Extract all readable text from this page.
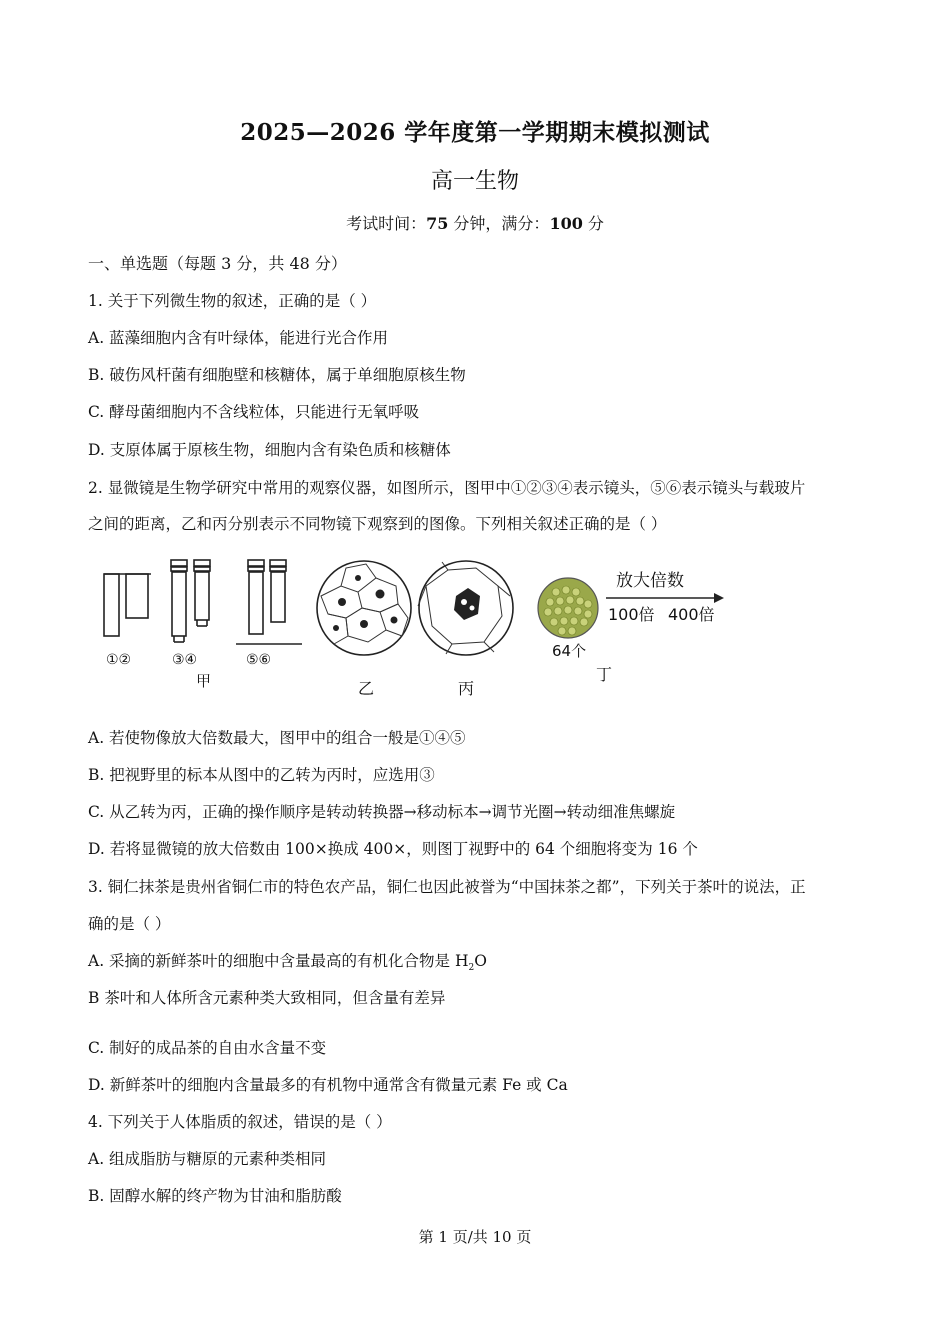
2025—2026 学年度第一学期期末模拟测试
高一生物
考试时间：75 分钟，满分：100 分
一、单选题（每题 3 分，共 48 分）
1. 关于下列微生物的叙述，正确的是（ ）
A. 蓝藻细胞内含有叶绿体，能进行光合作用
B. 破伤风杆菌有细胞壁和核糖体，属于单细胞原核生物
C. 酵母菌细胞内不含线粒体，只能进行无氧呼吸
D. 支原体属于原核生物，细胞内含有染色质和核糖体
2. 显微镜是生物学研究中常用的观察仪器，如图所示，图甲中①②③④表示镜头，⑤⑥表示镜头与载玻片
之间的距离，乙和丙分别表示不同物镜下观察到的图像。下列相关叙述正确的是（ ）
乙	丙
64个
丁
放大倍数
100倍 400倍
①②	③④	⑤⑥
甲
A. 若使物像放大倍数最大，图甲中的组合一般是①④⑤
B. 把视野里的标本从图中的乙转为丙时，应选用③
C. 从乙转为丙，正确的操作顺序是转动转换器→移动标本→调节光圈→转动细准焦螺旋
D. 若将显微镜的放大倍数由 100×换成 400×，则图丁视野中的 64 个细胞将变为 16 个
3. 铜仁抹茶是贵州省铜仁市的特色农产品，铜仁也因此被誉为“中国抹茶之都”，下列关于茶叶的说法，正
确的是（ ）
A. 采摘的新鲜茶叶的细胞中含量最高的有机化合物是 $H_2O$
B 茶叶和人体所含元素种类大致相同，但含量有差异
C. 制好的成品茶的自由水含量不变
D. 新鲜茶叶的细胞内含量最多的有机物中通常含有微量元素 Fe 或 Ca
4. 下列关于人体脂质的叙述，错误的是（ ）
A. 组成脂肪与糖原的元素种类相同
B. 固醇水解的终产物为甘油和脂肪酸
第 1 页/共 10 页
